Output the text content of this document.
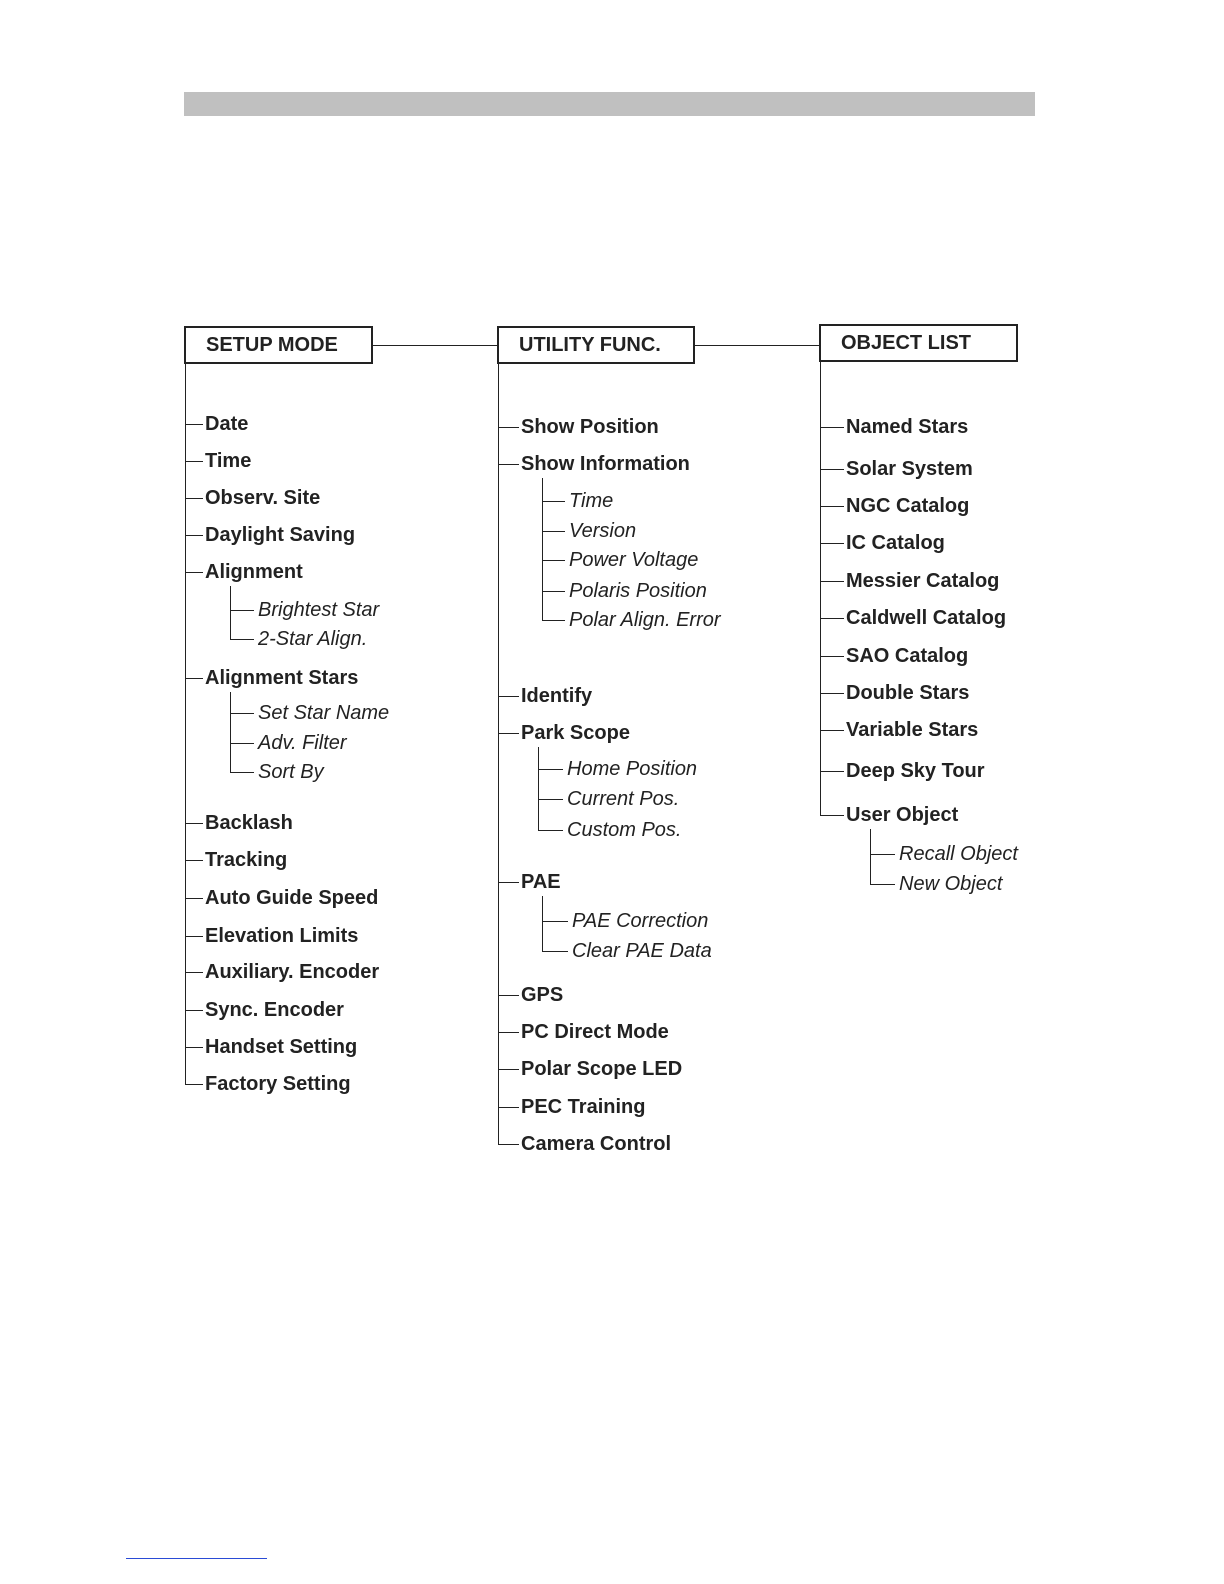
SETUP MODE
Date
Time
Observ. Site
Daylight Saving
Alignment
Brightest Star
2-Star Align.
Alignment Stars
Set Star Name
Adv. Filter
Sort By
Backlash
Tracking
Auto Guide Speed
Elevation Limits
Auxiliary. Encoder
Sync. Encoder
Handset Setting
Factory Setting
UTILITY FUNC.
Show Position
Show Information
Time
Version
Power Voltage
Polaris Position
Polar Align. Error
Identify
Park Scope
Home Position
Current Pos.
Custom Pos.
PAE
PAE Correction
Clear PAE Data
GPS
PC Direct Mode
Polar Scope LED
PEC Training
Camera Control
OBJECT LIST
Named Stars
Solar System
NGC Catalog
IC Catalog
Messier Catalog
Caldwell Catalog
SAO Catalog
Double Stars
Variable Stars
Deep Sky Tour
User Object
Recall Object
New Object
